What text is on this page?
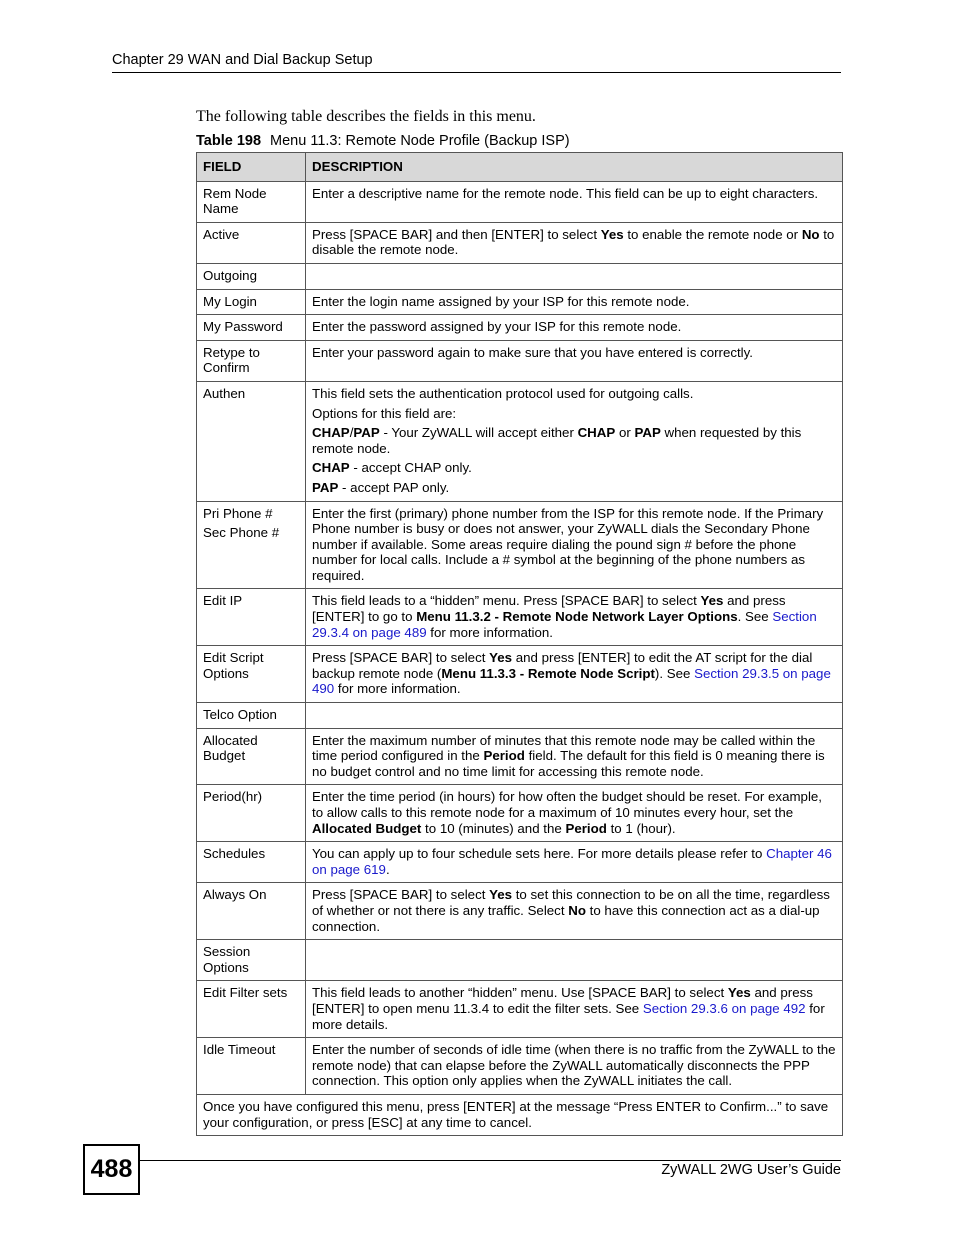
Chapter 29 WAN and Dial Backup Setup
The following table describes the fields in this menu.
Table 198 Menu 11.3: Remote Node Profile (Backup ISP)
FIELD	DESCRIPTION
Rem Node Name	Enter a descriptive name for the remote node. This field can be up to eight characters.
Active	Press [SPACE BAR] and then [ENTER] to select Yes to enable the remote node or No to disable the remote node.
Outgoing	
My Login	Enter the login name assigned by your ISP for this remote node.
My Password	Enter the password assigned by your ISP for this remote node.
Retype to Confirm	Enter your password again to make sure that you have entered is correctly.
Authen	This field sets the authentication protocol used for outgoing calls.

Options for this field are:

CHAP/PAP - Your ZyWALL will accept either CHAP or PAP when requested by this remote node.

CHAP - accept CHAP only.

PAP - accept PAP only.

Pri Phone #

Sec Phone #	Enter the first (primary) phone number from the ISP for this remote node. If the Primary Phone number is busy or does not answer, your ZyWALL dials the Secondary Phone number if available. Some areas require dialing the pound sign # before the phone number for local calls. Include a # symbol at the beginning of the phone numbers as required.
Edit IP	This field leads to a “hidden” menu. Press [SPACE BAR] to select Yes and press [ENTER] to go to Menu 11.3.2 - Remote Node Network Layer Options. See Section 29.3.4 on page 489 for more information.
Edit Script Options	Press [SPACE BAR] to select Yes and press [ENTER] to edit the AT script for the dial backup remote node (Menu 11.3.3 - Remote Node Script). See Section 29.3.5 on page 490 for more information.
Telco Option	
Allocated Budget	Enter the maximum number of minutes that this remote node may be called within the time period configured in the Period field. The default for this field is 0 meaning there is no budget control and no time limit for accessing this remote node.
Period(hr)	Enter the time period (in hours) for how often the budget should be reset. For example, to allow calls to this remote node for a maximum of 10 minutes every hour, set the Allocated Budget to 10 (minutes) and the Period to 1 (hour).
Schedules	You can apply up to four schedule sets here. For more details please refer to Chapter 46 on page 619.
Always On	Press [SPACE BAR] to select Yes to set this connection to be on all the time, regardless of whether or not there is any traffic. Select No to have this connection act as a dial-up connection.
Session Options	
Edit Filter sets	This field leads to another “hidden” menu. Use [SPACE BAR] to select Yes and press [ENTER] to open menu 11.3.4 to edit the filter sets. See Section 29.3.6 on page 492 for more details.
Idle Timeout	Enter the number of seconds of idle time (when there is no traffic from the ZyWALL to the remote node) that can elapse before the ZyWALL automatically disconnects the PPP connection. This option only applies when the ZyWALL initiates the call.
Once you have configured this menu, press [ENTER] at the message “Press ENTER to Confirm...” to save your configuration, or press [ESC] at any time to cancel.	
488	ZyWALL 2WG User’s Guide
